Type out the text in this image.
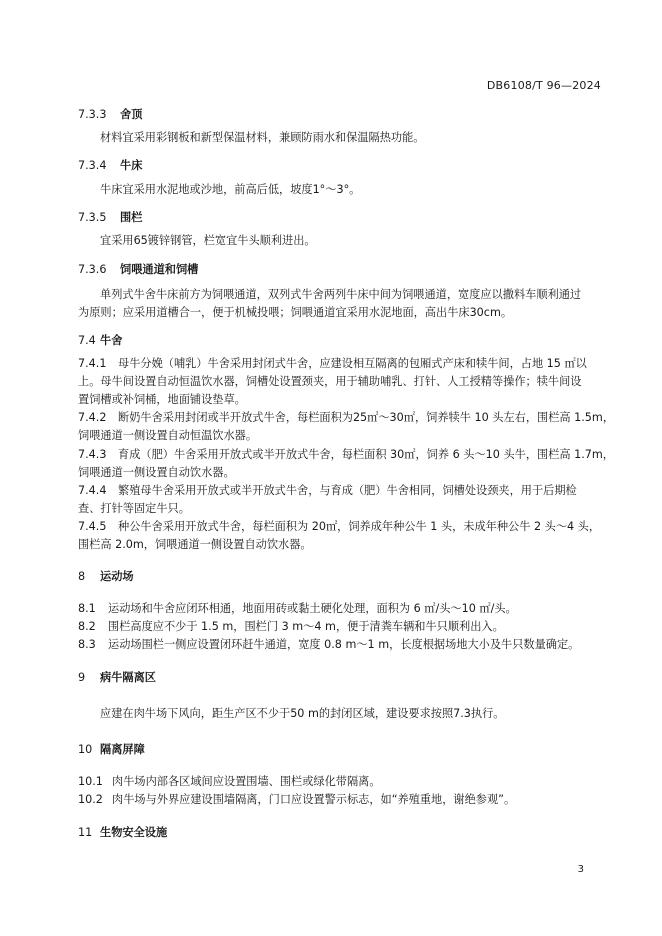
DB6108/T 96—2024
7.3.3 舍顶
材料宜采用彩钢板和新型保温材料，兼顾防雨水和保温隔热功能。
7.3.4 牛床
牛床宜采用水泥地或沙地，前高后低，坡度1°～3°。
7.3.5 围栏
宜采用65镀锌钢管，栏宽宜牛头顺利进出。
7.3.6 饲喂通道和饲槽
单列式牛舍牛床前方为饲喂通道，双列式牛舍两列牛床中间为饲喂通道，宽度应以撒料车顺利通过
为原则；应采用道槽合一，便于机械投喂；饲喂通道宜采用水泥地面，高出牛床30cm。
7.4 牛舍
7.4.1 母牛分娩（哺乳）牛舍采用封闭式牛舍，应建设相互隔离的包厢式产床和犊牛间，占地 15 ㎡以
上。母牛间设置自动恒温饮水器，饲槽处设置颈夹，用于辅助哺乳、打针、人工授精等操作；犊牛间设
置饲槽或补饲桶，地面铺设垫草。
7.4.2 断奶牛舍采用封闭或半开放式牛舍，每栏面积为25㎡～30㎡，饲养犊牛 10 头左右，围栏高 1.5m，
饲喂通道一侧设置自动恒温饮水器。
7.4.3 育成（肥）牛舍采用开放式或半开放式牛舍，每栏面积 30㎡，饲养 6 头～10 头牛，围栏高 1.7m，
饲喂通道一侧设置自动饮水器。
7.4.4 繁殖母牛舍采用开放式或半开放式牛舍，与育成（肥）牛舍相同，饲槽处设颈夹，用于后期检
查、打针等固定牛只。
7.4.5 种公牛舍采用开放式牛舍，每栏面积为 20㎡，饲养成年种公牛 1 头，未成年种公牛 2 头～4 头，
围栏高 2.0m，饲喂通道一侧设置自动饮水器。
8 运动场
8.1 运动场和牛舍应闭环相通，地面用砖或黏土硬化处理，面积为 6 ㎡/头～10 ㎡/头。
8.2 围栏高度应不少于 1.5 m，围栏门 3 m～4 m，便于清粪车辆和牛只顺利出入。
8.3 运动场围栏一侧应设置闭环赶牛通道，宽度 0.8 m～1 m，长度根据场地大小及牛只数量确定。
9 病牛隔离区
应建在肉牛场下风向，距生产区不少于50 m的封闭区域，建设要求按照7.3执行。
10 隔离屏障
10.1 肉牛场内部各区域间应设置围墙、围栏或绿化带隔离。
10.2 肉牛场与外界应建设围墙隔离，门口应设置警示标志，如“养殖重地，谢绝参观”。
11 生物安全设施
3
